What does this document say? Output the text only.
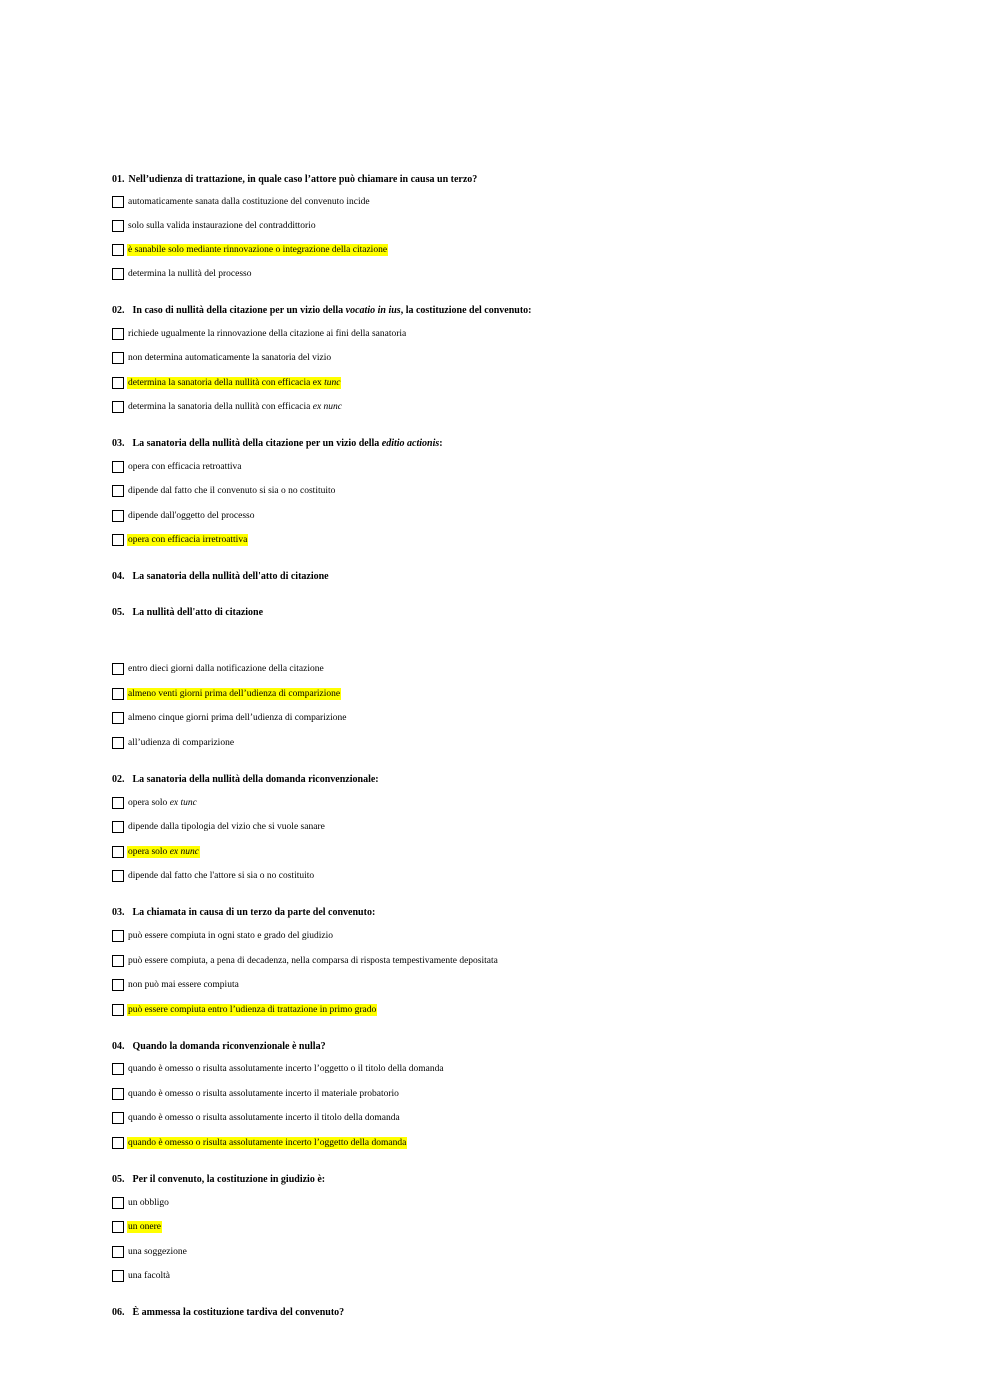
01. Nell’udienza di trattazione, in quale caso l’attore può chiamare in causa un terzo?
automaticamente sanata dalla costituzione del convenuto incide
solo sulla valida instaurazione del contraddittorio
è sanabile solo mediante rinnovazione o integrazione della citazione
determina la nullità del processo
02. In caso di nullità della citazione per un vizio della vocatio in ius, la costituzione del convenuto:
richiede ugualmente la rinnovazione della citazione ai fini della sanatoria
non determina automaticamente la sanatoria del vizio
determina la sanatoria della nullità con efficacia ex tunc
determina la sanatoria della nullità con efficacia ex nunc
03. La sanatoria della nullità della citazione per un vizio della editio actionis:
opera con efficacia retroattiva
dipende dal fatto che il convenuto si sia o no costituito
dipende dall'oggetto del processo
opera con efficacia irretroattiva
04. La sanatoria della nullità dell'atto di citazione
05. La nullità dell'atto di citazione
entro dieci giorni dalla notificazione della citazione
almeno venti giorni prima dell’udienza di comparizione
almeno cinque giorni prima dell’udienza di comparizione
all’udienza di comparizione
02. La sanatoria della nullità della domanda riconvenzionale:
opera solo ex tunc
dipende dalla tipologia del vizio che si vuole sanare
opera solo ex nunc
dipende dal fatto che l'attore si sia o no costituito
03. La chiamata in causa di un terzo da parte del convenuto:
può essere compiuta in ogni stato e grado del giudizio
può essere compiuta, a pena di decadenza, nella comparsa di risposta tempestivamente depositata
non può mai essere compiuta
può essere compiuta entro l’udienza di trattazione in primo grado
04. Quando la domanda riconvenzionale è nulla?
quando è omesso o risulta assolutamente incerto l’oggetto o il titolo della domanda
quando è omesso o risulta assolutamente incerto il materiale probatorio
quando è omesso o risulta assolutamente incerto il titolo della domanda
quando è omesso o risulta assolutamente incerto l’oggetto della domanda
05. Per il convenuto, la costituzione in giudizio è:
un obbligo
un onere
una soggezione
una facoltà
06. È ammessa la costituzione tardiva del convenuto?
